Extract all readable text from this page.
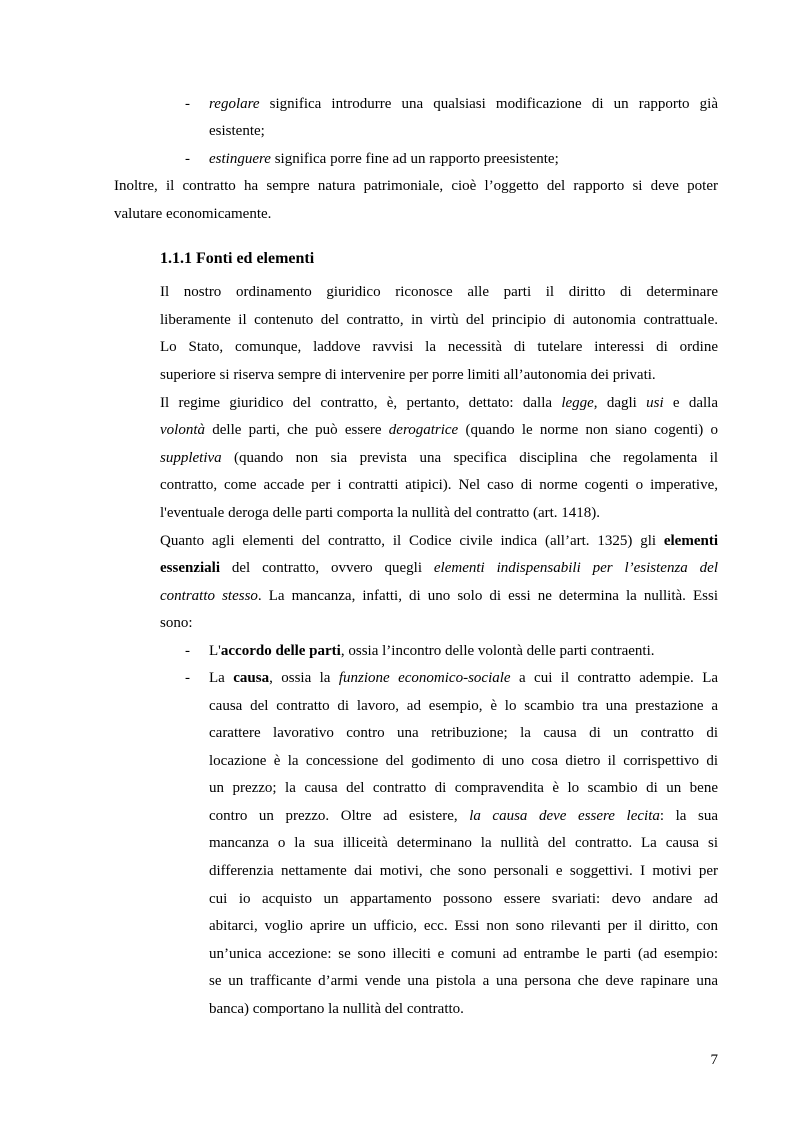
- regolare significa introdurre una qualsiasi modificazione di un rapporto già
esistente;
- estinguere significa porre fine ad un rapporto preesistente;
Inoltre, il contratto ha sempre natura patrimoniale, cioè l’oggetto del rapporto si deve poter
valutare economicamente.
1.1.1 Fonti ed elementi
Il nostro ordinamento giuridico riconosce alle parti il diritto di determinare
liberamente il contenuto del contratto, in virtù del principio di autonomia contrattuale.
Lo Stato, comunque, laddove ravvisi la necessità di tutelare interessi di ordine
superiore si riserva sempre di intervenire per porre limiti all’autonomia dei privati.
Il regime giuridico del contratto, è, pertanto, dettato: dalla legge, dagli usi e dalla
volontà delle parti, che può essere derogatrice (quando le norme non siano cogenti) o
suppletiva (quando non sia prevista una specifica disciplina che regolamenta il
contratto, come accade per i contratti atipici). Nel caso di norme cogenti o imperative,
l'eventuale deroga delle parti comporta la nullità del contratto (art. 1418).
Quanto agli elementi del contratto, il Codice civile indica (all’art. 1325) gli elementi
essenziali del contratto, ovvero quegli elementi indispensabili per l’esistenza del
contratto stesso. La mancanza, infatti, di uno solo di essi ne determina la nullità. Essi
sono:
- L'accordo delle parti, ossia l’incontro delle volontà delle parti contraenti.
- La causa, ossia la funzione economico-sociale a cui il contratto adempie. La
causa del contratto di lavoro, ad esempio, è lo scambio tra una prestazione a
carattere lavorativo contro una retribuzione; la causa di un contratto di
locazione è la concessione del godimento di uno cosa dietro il corrispettivo di
un prezzo; la causa del contratto di compravendita è lo scambio di un bene
contro un prezzo. Oltre ad esistere, la causa deve essere lecita: la sua
mancanza o la sua illiceità determinano la nullità del contratto. La causa si
differenzia nettamente dai motivi, che sono personali e soggettivi. I motivi per
cui io acquisto un appartamento possono essere svariati: devo andare ad
abitarci, voglio aprire un ufficio, ecc. Essi non sono rilevanti per il diritto, con
un’unica accezione: se sono illeciti e comuni ad entrambe le parti (ad esempio:
se un trafficante d’armi vende una pistola a una persona che deve rapinare una
banca) comportano la nullità del contratto.
7
